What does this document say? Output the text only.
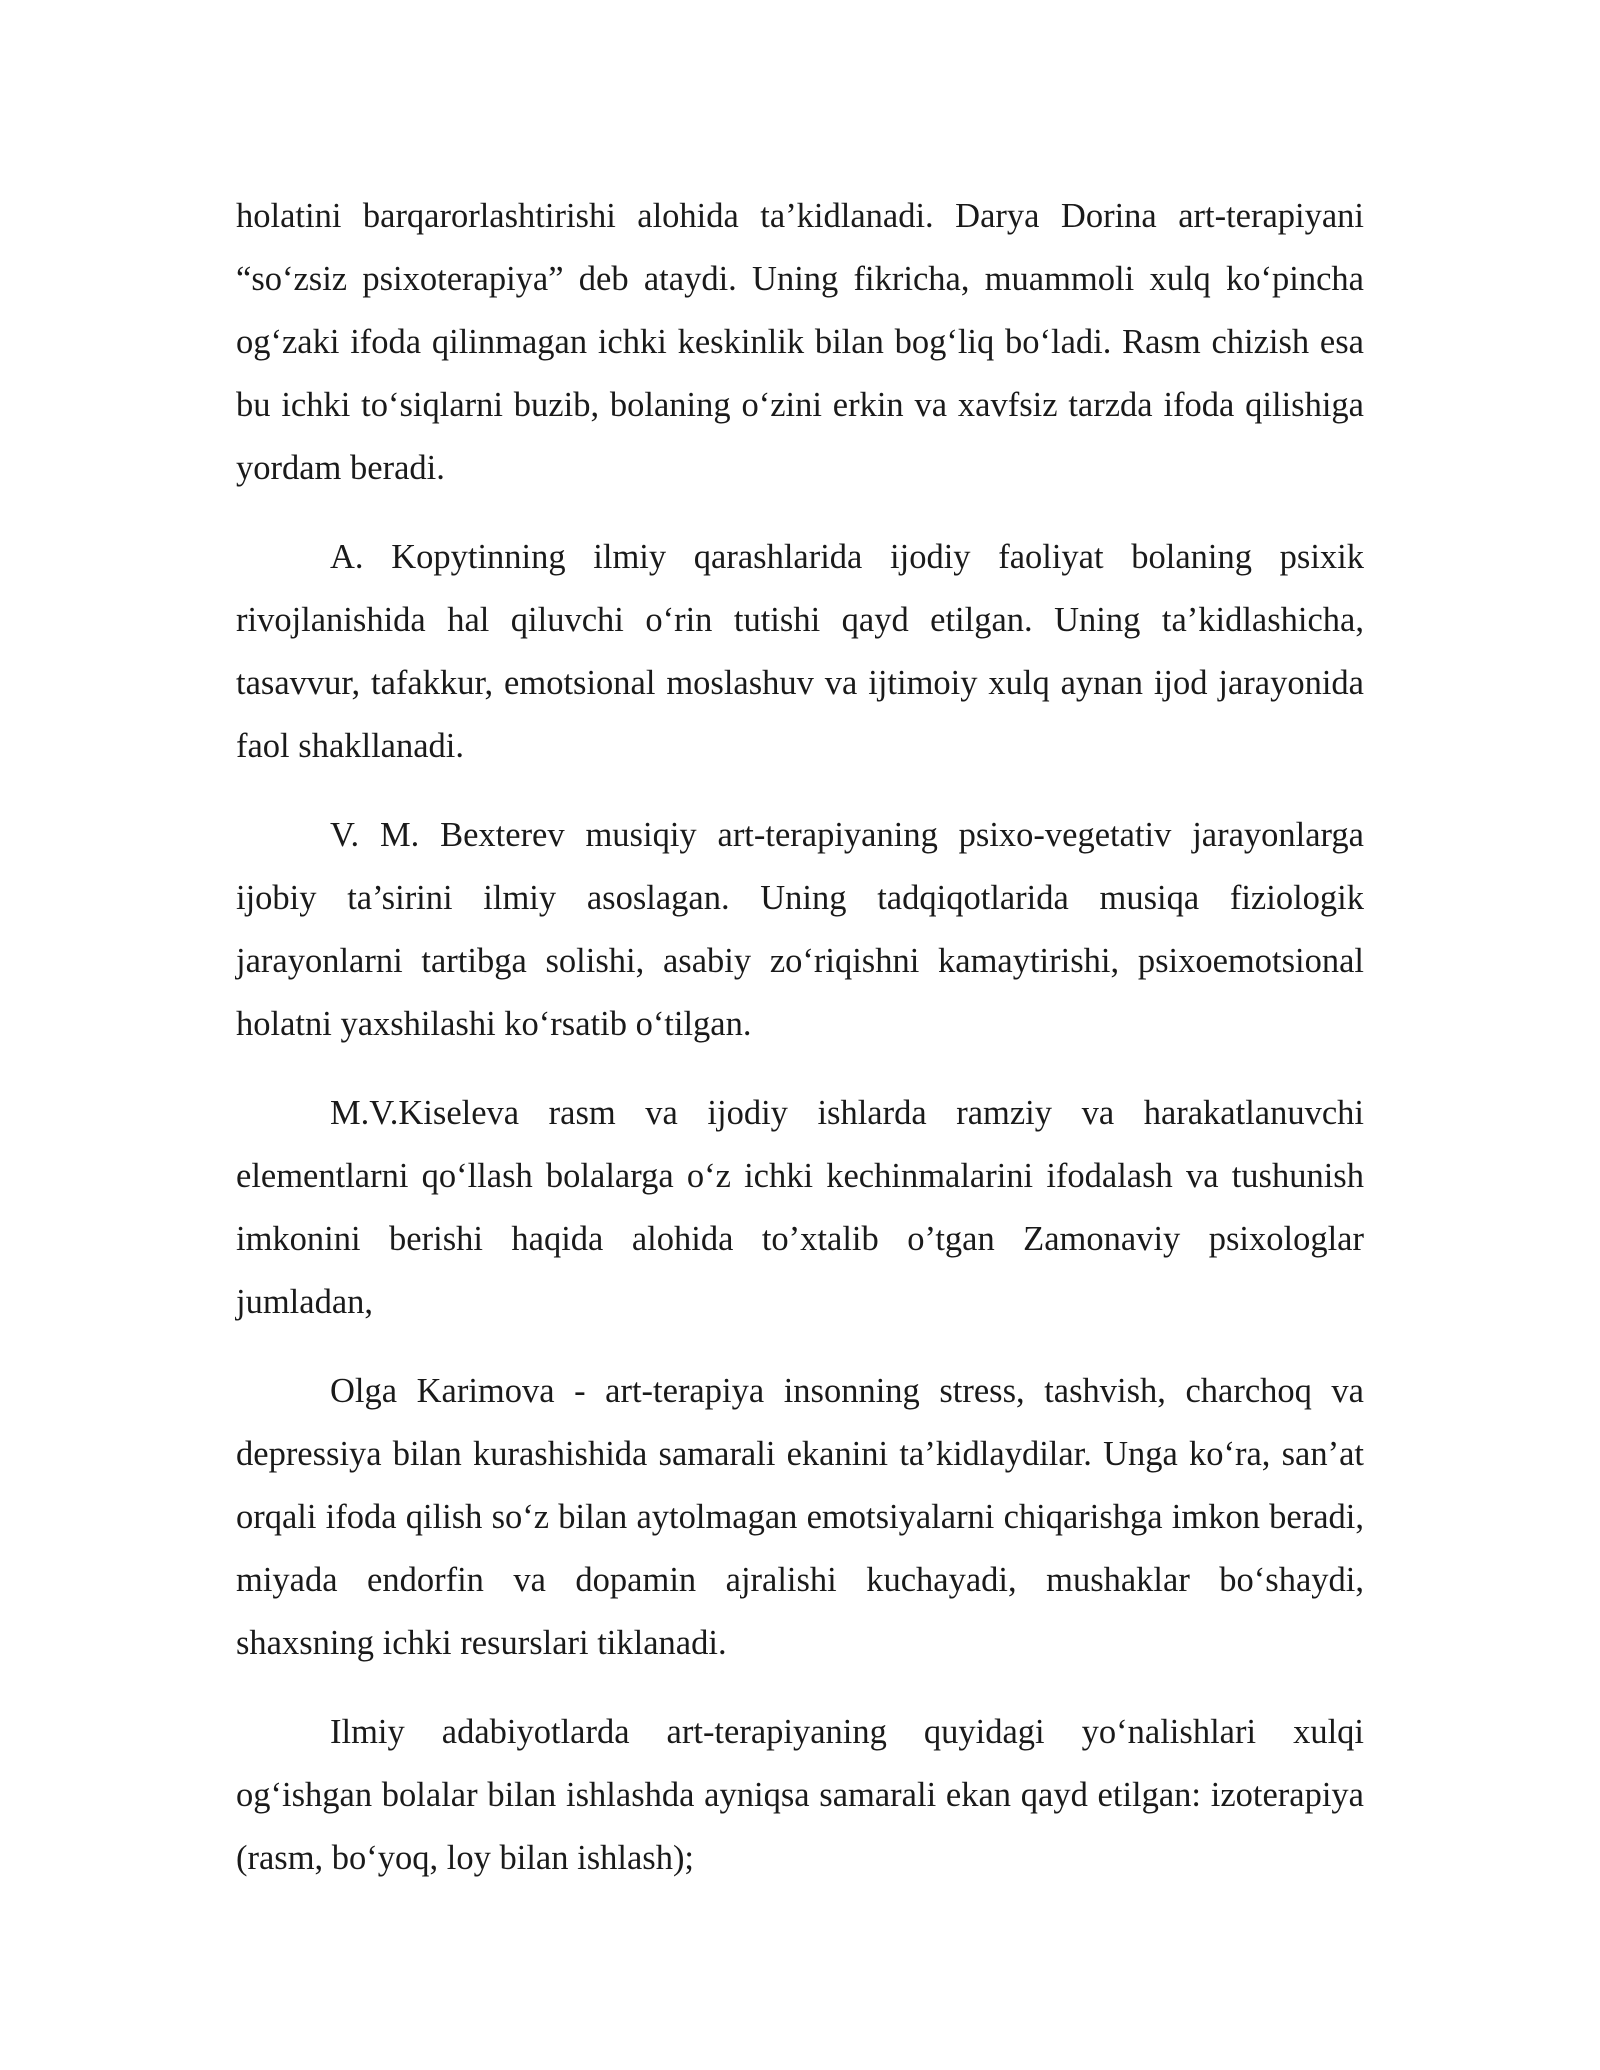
holatini barqarorlashtirishi alohida ta’kidlanadi. Darya Dorina art-terapiyani “so‘zsiz psixoterapiya” deb ataydi. Uning fikricha, muammoli xulq ko‘pincha og‘zaki ifoda qilinmagan ichki keskinlik bilan bog‘liq bo‘ladi. Rasm chizish esa bu ichki to‘siqlarni buzib, bolaning o‘zini erkin va xavfsiz tarzda ifoda qilishiga yordam beradi.

A. Kopytinning ilmiy qarashlarida ijodiy faoliyat bolaning psixik rivojlanishida hal qiluvchi o‘rin tutishi qayd etilgan. Uning ta’kidlashicha, tasavvur, tafakkur, emotsional moslashuv va ijtimoiy xulq aynan ijod jarayonida faol shakllanadi.

V. M. Bexterev musiqiy art-terapiyaning psixo-vegetativ jarayonlarga ijobiy ta’sirini ilmiy asoslagan. Uning tadqiqotlarida musiqa fiziologik jarayonlarni tartibga solishi, asabiy zo‘riqishni kamaytirishi, psixoemotsional holatni yaxshilashi ko‘rsatib o‘tilgan.

M.V.Kiseleva rasm va ijodiy ishlarda ramziy va harakatlanuvchi elementlarni qo‘llash bolalarga o‘z ichki kechinmalarini ifodalash va tushunish imkonini berishi haqida alohida to’xtalib o’tgan Zamonaviy psixologlar jumladan,

Olga Karimova - art-terapiya insonning stress, tashvish, charchoq va depressiya bilan kurashishida samarali ekanini ta’kidlaydilar. Unga ko‘ra, san’at orqali ifoda qilish so‘z bilan aytolmagan emotsiyalarni chiqarishga imkon beradi, miyada endorfin va dopamin ajralishi kuchayadi, mushaklar bo‘shaydi, shaxsning ichki resurslari tiklanadi.

Ilmiy adabiyotlarda art-terapiyaning quyidagi yo‘nalishlari xulqi og‘ishgan bolalar bilan ishlashda ayniqsa samarali ekan qayd etilgan: izoterapiya (rasm, bo‘yoq, loy bilan ishlash);
